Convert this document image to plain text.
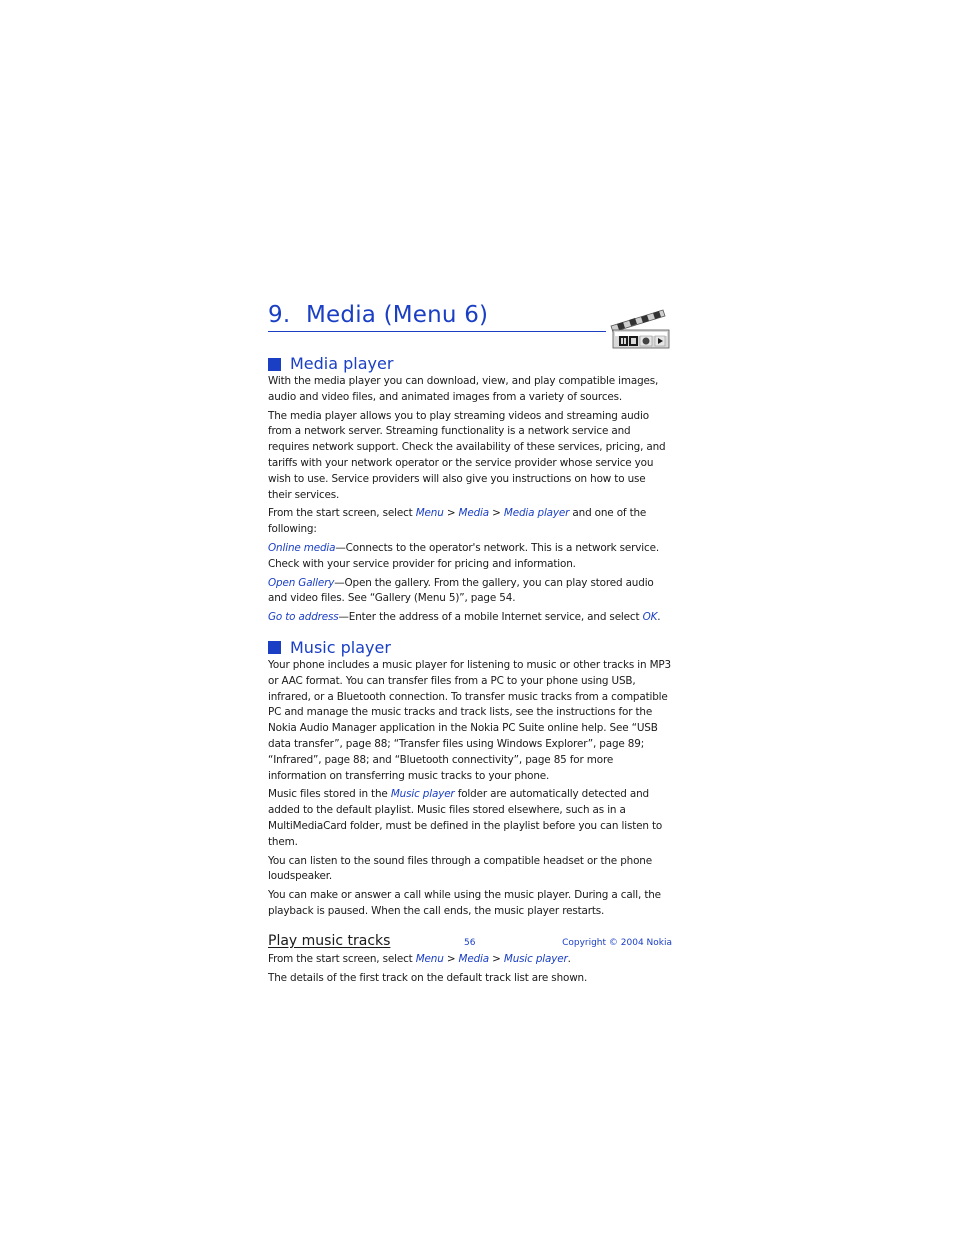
9. Media (Menu 6)
Media player

With the media player you can download, view, and play compatible images, audio and video files, and animated images from a variety of sources.

The media player allows you to play streaming videos and streaming audio from a network server. Streaming functionality is a network service and requires network support. Check the availability of these services, pricing, and tariffs with your network operator or the service provider whose service you wish to use. Service providers will also give you instructions on how to use their services.

From the start screen, select Menu > Media > Media player and one of the following:

Online media—Connects to the operator's network. This is a network service. Check with your service provider for pricing and information.

Open Gallery—Open the gallery. From the gallery, you can play stored audio and video files. See “Gallery (Menu 5)”, page 54.

Go to address—Enter the address of a mobile Internet service, and select OK.

Music player

Your phone includes a music player for listening to music or other tracks in MP3 or AAC format. You can transfer files from a PC to your phone using USB, infrared, or a Bluetooth connection. To transfer music tracks from a compatible PC and manage the music tracks and track lists, see the instructions for the Nokia Audio Manager application in the Nokia PC Suite online help. See “USB data transfer”, page 88; “Transfer files using Windows Explorer”, page 89; “Infrared”, page 88; and “Bluetooth connectivity”, page 85 for more information on transferring music tracks to your phone.

Music files stored in the Music player folder are automatically detected and added to the default playlist. Music files stored elsewhere, such as in a MultiMediaCard folder, must be defined in the playlist before you can listen to them.

You can listen to the sound files through a compatible headset or the phone loudspeaker.

You can make or answer a call while using the music player. During a call, the playback is paused. When the call ends, the music player restarts.

Play music tracks

From the start screen, select Menu > Media > Music player.

The details of the first track on the default track list are shown.

56	Copyright © 2004 Nokia
